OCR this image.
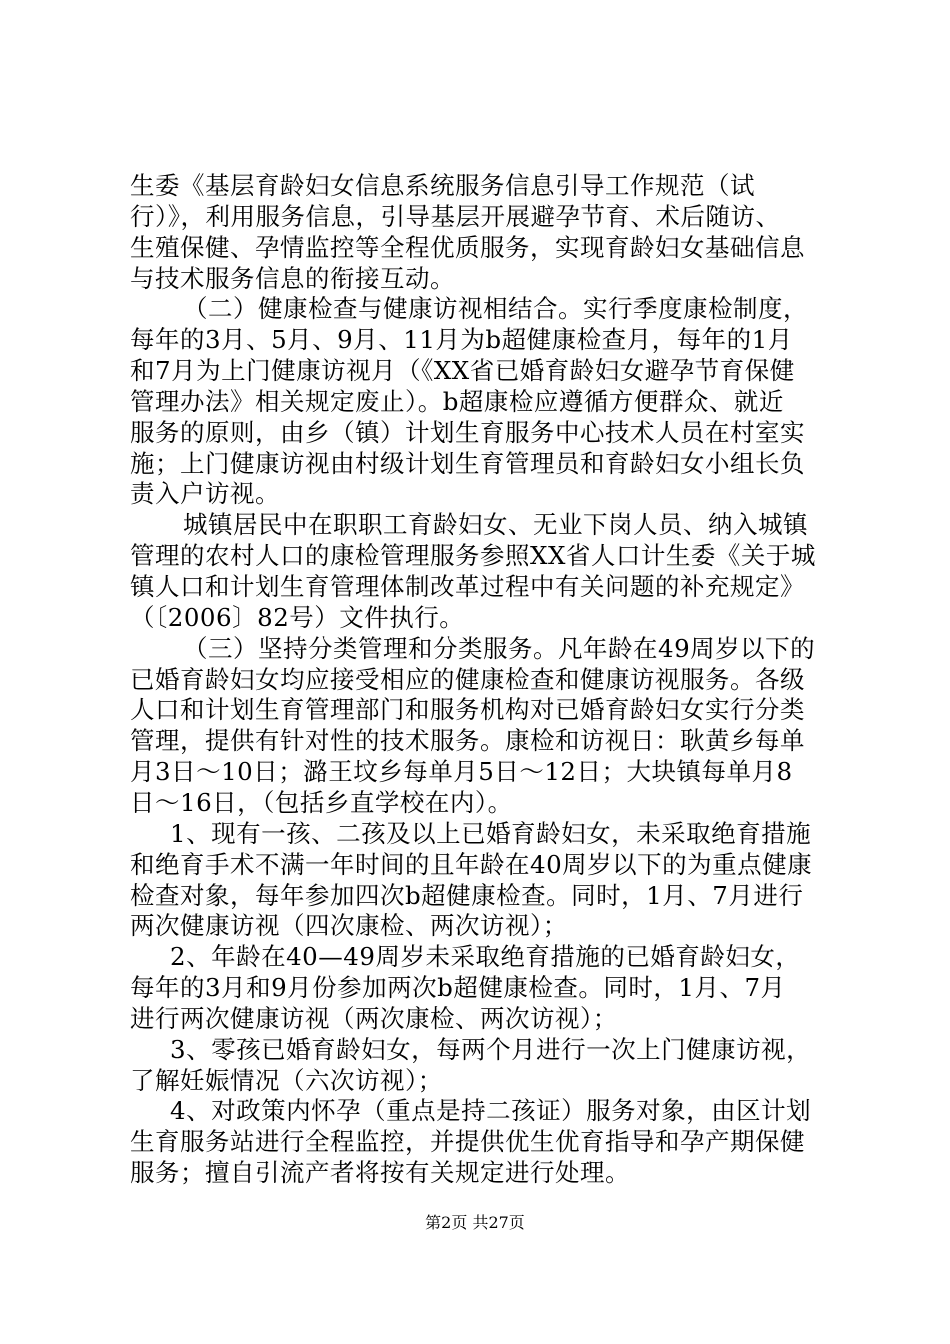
生委《基层育龄妇女信息系统服务信息引导工作规范（试
行）》，利用服务信息，引导基层开展避孕节育、术后随访、
生殖保健、孕情监控等全程优质服务，实现育龄妇女基础信息
与技术服务信息的衔接互动。
（二）健康检查与健康访视相结合。实行季度康检制度，
每年的3月、5月、9月、11月为b超健康检查月，每年的1月
和7月为上门健康访视月（《XX省已婚育龄妇女避孕节育保健
管理办法》相关规定废止）。b超康检应遵循方便群众、就近
服务的原则，由乡（镇）计划生育服务中心技术人员在村室实
施；上门健康访视由村级计划生育管理员和育龄妇女小组长负
责入户访视。
城镇居民中在职职工育龄妇女、无业下岗人员、纳入城镇
管理的农村人口的康检管理服务参照XX省人口计生委《关于城
镇人口和计划生育管理体制改革过程中有关问题的补充规定》
（〔2006〕82号）文件执行。
（三）坚持分类管理和分类服务。凡年龄在49周岁以下的
已婚育龄妇女均应接受相应的健康检查和健康访视服务。各级
人口和计划生育管理部门和服务机构对已婚育龄妇女实行分类
管理，提供有针对性的技术服务。康检和访视日：耿黄乡每单
月3日～10日；潞王坟乡每单月5日～12日；大块镇每单月8
日～16日，（包括乡直学校在内）。
1、现有一孩、二孩及以上已婚育龄妇女，未采取绝育措施
和绝育手术不满一年时间的且年龄在40周岁以下的为重点健康
检查对象，每年参加四次b超健康检查。同时，1月、7月进行
两次健康访视（四次康检、两次访视）；
2、年龄在40—49周岁未采取绝育措施的已婚育龄妇女，
每年的3月和9月份参加两次b超健康检查。同时，1月、7月
进行两次健康访视（两次康检、两次访视）；
3、零孩已婚育龄妇女，每两个月进行一次上门健康访视，
了解妊娠情况（六次访视）；
4、对政策内怀孕（重点是持二孩证）服务对象，由区计划
生育服务站进行全程监控，并提供优生优育指导和孕产期保健
服务；擅自引流产者将按有关规定进行处理。
第2页 共27页
